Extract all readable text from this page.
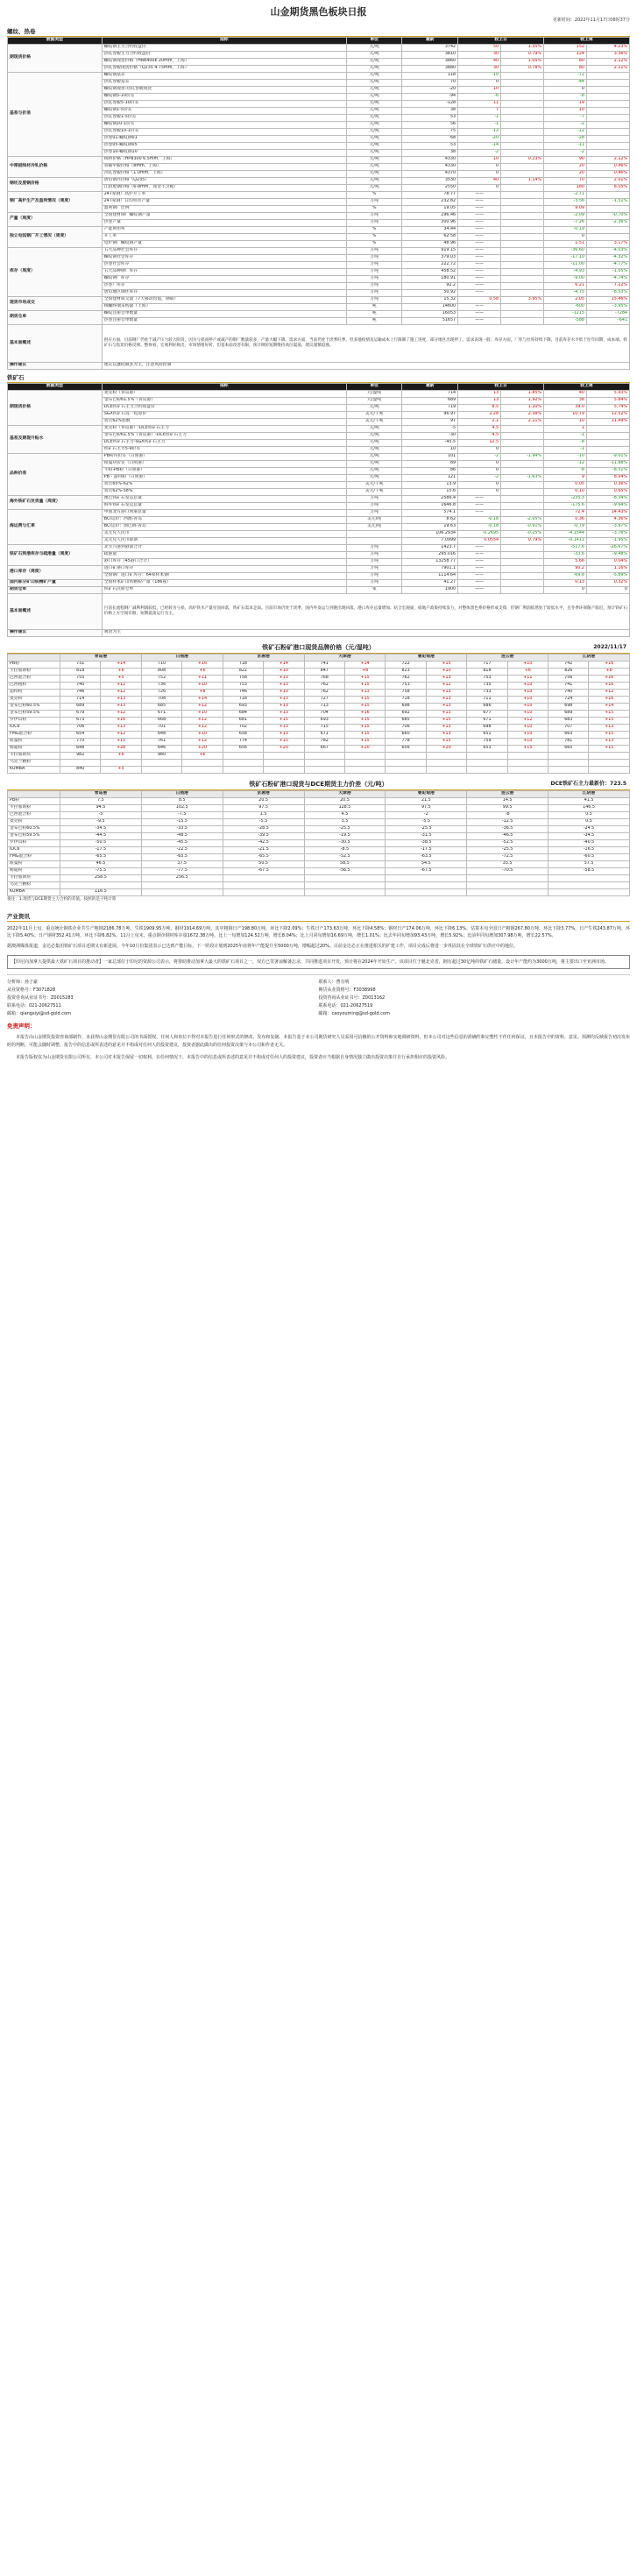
山金期货黑色板块日报
更新时间：2022年11月17日08时37分
螺纹、热卷
数据类型	指标	单位	最新	较上日		较上周	
期现货价格	螺纹钢主力合约收盘价	元/吨	3742	50	1.35%	152	4.23%
	热轧卷板主力合约收盘价	元/吨	3810	30	0.79%	124	3.36%
	螺纹钢现货价格（HRB400E 20mm，上海）	元/吨	3860	40	1.05%	80	2.12%
	热轧卷板现货价格（Q235 4.75mm，上海）	元/吨	3880	30	0.78%	80	2.11%
基差与价差	螺纹钢基差	元/吨	118	-10		-72	
	热轧卷板基差	元/吨	70	0		-44	
	螺纹钢现货-热轧卷板现货	元/吨	-20	10		0	
	螺纹钢5-10价差	元/吨	-94	-6		-8	
	热轧卷板5-10价差	元/吨	-128	11		19	
	螺纹钢1-5价差	元/吨	38	7		10	
	热轧卷板1-5价差	元/吨	53	-1		-7	
	螺纹钢10-1价差	元/吨	56	-1		-2	
	热轧卷板10-1价差	元/吨	75	-12		-12	
	热卷01-螺纹钢01	元/吨	68	-20		-28	
	热卷05-螺纹钢05	元/吨	53	-14		-11	
	热卷10-螺纹钢10	元/吨	38	-2		-2	
中厚板线材冷轧价格	线材价格（HPB300 6.5mm，上海）	元/吨	4330	10	0.23%	90	2.12%
	普碳中板价格（8mm，上海）	元/吨	4330	0		20	0.46%
	冷轧卷板价格（1.0mm，上海）	元/吨	4370	0		20	0.46%
钢坯及废钢价格	唐山钢坯价格（Q235）	元/吨	3530	40	1.14%	70	2.01%
	江阴废钢价格（6-8mm，现金不含税）	元/吨	2550	0		180	8.05%
钢厂高炉生产及盈利情况（周度）	247家钢厂高炉开工率	%	78.77	——		-2.71	
	247家钢厂日均铁水产量	万吨	232.82	——		-3.56	-1.51%
	盈利钢厂比例	%	19.05	——		9.09	
产量（周度）	全国建材钢厂螺纹钢产量	万吨	296.46	——		-2.09	-0.70%
	热卷产量	万吨	300.96	——		-7.26	-2.36%
独立电弧钢厂开工情况（周度）	产能利用率	%	34.44	——		-0.19	
	开工率	%	62.58	——		0	
	电炉钢厂螺纹钢产量	%	48.96	——		1.51	3.17%
库存（周度）	五大品种社会库存	万吨	919.15	——		-36.60	-4.03%
	螺纹钢社会库存	万吨	379.03	——		-17.10	-4.32%
	热卷社会库存	万吨	222.72	——		-11.00	-4.77%
	五大品种钢厂库存	万吨	458.52	——		-4.93	-1.05%
	螺纹钢厂库存	万吨	180.91	——		-9.00	-4.74%
	热卷厂库存	万吨	92.2	——		6.21	7.22%
	唐山地区钢坯库存	万吨	50.92	——		-4.75	-8.53%
现货市场成交	全国建材成交量（7天移动均值，钢联）	万吨	15.32	0.58	3.95%	2.05	15.46%
	线螺终端采购量（上海）	吨	14600	——		-600	-3.95%
期货仓单	螺纹注册仓单数量	吨	16053	——		-1215	-7284
	热卷注册仓单数量	吨	51657	——		-588	-641
基本面概述	供应方面，目前钢厂仍处于减产压力较大阶段，因为亏损而停产或减产的钢厂数量较多，产量大幅下降。需求方面，当前仍处于淡季旺季，但多地疫情及运输成本上行限制了施工进度，部分地区出现停工，需求表现一般；库存方面，厂库与社库持续下降，目前库存水平低于往年同期，成本端，铁矿石与焦炭价格反弹。整体看，宏观利好频出，市场情绪好转，但基本面改善有限，预计钢价短期维持高位震荡，建议谨慎追涨。						
操作建议	建议以逢低做多为主，注意风险控制						
铁矿石
数据类型	指标	单位	最新	较上日		较上周	
期现货价格	麦克粉（青岛港）	元/湿吨	714	13	1.85%	40	5.93%
	金布巴粉61.5%（青岛港）	元/湿吨	689	13	1.92%	38	5.84%
	DCE铁矿石主力合约收盘价	元/吨	719	8.5	1.20%	39.0	5.74%
	SGX铁矿石连一结算价	美元/干吨	96.97	2.28	2.38%	10.79	12.52%
	普氏62%指数	美元/干吨	97	2.1	2.21%	10	11.49%
基差及期现升贴水	麦克粉（青岛港）-DCE铁矿石主力	元/吨	-5	4.5		1	
	金布巴粉61.5%（青岛港）-DCE铁矿石主力	元/吨	-30	4.5		-1	
	DCE铁矿石主力-SGX铁矿石主力	元/吨	-45.5	12.5		-8	
	铁矿石主力5-9价差	元/吨	10	0		-1	
品种价差	PB粉块价差（日照港）	元/吨	101	-2	-1.94%	-10	-9.01%
	纽曼块价差（日照港）	元/吨	89	0		-12	-11.88%
	卡粉-PB粉（日照港）	元/吨	86	0		-8	-8.51%
	PB - 超特粉（日照港）	元/吨	121	-2	-1.63%	9	8.04%
	普氏65%-62%	美元/干吨	13.9	0		0.05	0.36%
	普氏62%-58%	美元/干吨	15.6	0		0.10	0.65%
海外铁矿石发货量（周度）	澳巴铁矿石发运总量	万吨	2586.4	——		-235.3	-8.34%
	海外铁矿石发运总量	万吨	1646.8	——		-175.6	-9.64%
海运费与汇率	中国北方港口到港总量	万吨	574.1	——		72.4	14.43%
	BCI运价：西澳-青岛	美元/吨	8.62	-0.18	-2.05%	0.36	4.36%
	BCI运价：图巴朗-青岛	美元/吨	19.63	-0.18	-0.91%	-0.79	-3.87%
	美元兑人民币		106.2934	-0.2695	-0.25%	-4.1544	-3.76%
	美元兑人民币即期		7.0999	0.0554	0.79%	-0.1411	-1.95%
铁矿石到港库存与疏港量（周度）	北方六港到港量合计	万吨	1423.7	——		-517.6	-26.67%
	疏港量	万吨	295.016	——		-33.6	-9.48%
	港口库存（45港口合计）	万吨	13258.77	——		5.66	0.04%
港口库存（周度）	进口矿港口库存	万吨	7901.1	——		90.2	1.16%
	全国钢厂进口矿库存：64家样本钢厂	万吨	1114.64	——		-69.8	-5.89%
国内部分矿山铁精矿产量	全国样本矿山铁精粉产量（186座）	万吨	41.27	——		0.13	0.32%
期货仓单	铁矿石注册仓单	张	1900	——		0	0
基本面概述	目前长流程钢厂减利利润较低，已经转为亏损，高炉铁水产量见顶回落，铁矿石需求走弱。目前市场仍处于淡季，国内外发运与到港出现回落，港口库存总量增加。结合宏观面，稳地产政策持续发力，对整体黑色系价格形成支撑，但钢厂利润依然处于较低水平，且冬季环保限产临近，预计铁矿石价格上方空间有限，短期震荡运行为主。						
操作建议	观望为主						
铁矿石粉矿港口现货品牌价格（元/湿吨）	2022/11/17
	青岛港		日照港		京唐港		天津港		曹妃甸港		连云港		江阴港	
PB粉	731	+14	710	+16	718	+14	741	+14	722	+15	717	+10	742	+16
卡拉加斯粉	818	+6	808	+6	822	+10	847	+8	823	+10	818	+6	826	+8
巴西混合粉	755	+5	752	+11	758	+13	768	+15	762	+13	753	+11	756	+16
巴西粗粉	740	+12	736	+10	753	+13	762	+15	753	+12	735	+10	741	+16
超特粉	746	+12	726	+8	746	+10	762	+13	758	+13	733	+10	740	+12
麦克粉	714	+13	708	+14	718	+13	727	+15	718	+13	711	+10	724	+16
金布巴粉60.5%	689	+13	685	+12	693	+13	713	+15	698	+13	686	+10	698	+14
金布巴粉59.5%	679	+12	671	+10	684	+13	704	+16	692	+13	677	+10	689	+15
罗伊山粉	673	+16	668	+12	681	+15	693	+15	685	+15	671	+12	683	+15
IOC6	706	+13	701	+12	702	+13	715	+15	706	+13	698	+10	707	+13
FMG混合粉	654	+12	648	+10	658	+13	671	+15	660	+13	651	+10	663	+15
纽曼粉	770	+15	761	+12	774	+15	782	+15	778	+15	759	+10	781	+13
杨迪粉	648	+28	646	+20	656	+20	667	+20	656	+20	653	+15	665	+15
卡拉加斯块	982	+6	980	+6										
乌克兰精粉														
KUMBA	840	+5												
铁矿石粉矿港口现货与DCE期货主力价差（元/吨）	DCE铁矿石主力最新价：723.5
	青岛港	日照港	京唐港	天津港	曹妃甸港	连云港	江阴港
PB粉	7.5	8.5	20.5	20.5	21.5	14.5	41.5
卡拉加斯粉	94.5	102.5	97.5	128.5	97.5	99.5	146.5
巴西混合粉	-5	-7.5	1.5	4.5	-2	-8	0.5
麦克粉	-9.5	-15.5	-5.5	3.5	-5.5	-12.5	0.5
金布巴粉60.5%	-34.5	-33.5	-28.5	-25.5	-25.5	-36.5	-24.5
金布巴粉59.5%	-44.5	-48.5	-39.5	-19.5	-31.5	-46.5	-34.5
罗伊山粉	-50.5	-45.5	-42.5	-30.5	-38.5	-52.5	-40.5
IOC6	-17.5	-22.5	-21.5	-8.5	-17.5	-25.5	-16.5
FMG混合粉	-65.5	-65.5	-65.5	-52.5	-63.5	-72.5	-60.5
纽曼粉	46.5	37.5	50.5	58.5	54.5	35.5	57.5
杨迪粉	-75.5	-77.5	-67.5	-56.5	-67.5	-70.5	-58.5
卡拉加斯块	258.5	256.5					
乌克兰精粉							
KUMBA	116.5						
备注：1.现货与DCE期货主力合约的差值，按照的是干吨计算
产业资讯

2022年11月上旬，重点统计钢铁企业共生产粗钢2186.78万吨，生铁1909.95万吨，钢材1914.69万吨。其中粗钢日产198.80万吨，环比下降2.09%；生铁日产173.63万吨，环比下降4.58%；钢材日产174.06万吨，环比下降6.13%。估算本旬全国日产粗钢267.80万吨、环比下降3.77%，日产生铁243.87万吨、环比下降5.40%；日产钢材352.41万吨、环比下降6.82%。11月上旬末，重点钢企钢材库存量1672.38万吨，比上一旬增加124.52万吨，增长8.04%；比上月同旬增加16.69万吨，增长1.01%；比去年同旬增加93.43万吨，增长5.92%；比前年同旬增加307.98万吨，增长22.57%。

据澳洲媒体报道，金达必集团铁矿石项目近期又有新进展。今年10月份集团表示已达到产能目标，下一阶段计划到2025年底将年产能提升至5000万吨，增幅超过20%。目前金达必正在推进相关的扩建工作，项目完成后将进一步巩固其在全球铁矿石供应中的地位。

【印尼向加拿大提供最大铁矿石项目的推动者】一家总部位于印尼的资源公司表示，将帮助推动加拿大最大的铁矿石项目之一，双方已签署谅解备忘录，共同推进项目开发，预计将在2024年开始生产。该项目位于魁北克省，拥有超过30亿吨的铁矿石储量，设计年产能约为3000万吨，将主要出口至亚洲市场。
分析师：孙子豪
从业资格号：F3071828
投资咨询从业证书号：Z0015283
联系电话：021-20627511
邮箱：qiangsiyi@sd-gold.com
联系人：曹有明
期货从业资格号：F3038998
投资咨询从业证书号：Z0013162
联系电话：021-20627519
邮箱：caoyouming@sd-gold.com
免责声明：

本报告由山金期货投资咨询部制作，未获得山金期货有限公司的书面授权，任何人和单位不得对本报告进行任何形式的修改、发布和复制。本报告基于本公司期货研究人员采用可信赖的公开资料和实地调研资料，但本公司对这些信息的准确性和完整性不作任何保证，且本报告中的资料、意见、预测均反映报告初次发布时的判断，可能会随时调整。报告中的信息或所表述的意见并不构成对任何人的投资建议，投资者据此做出的任何投资决策与本公司和作者无关。

本报告版权仅为山金期货有限公司所有，本公司对本报告保留一切权利。在任何情况下，本报告中的信息或所表述的意见并不构成对任何人的投资建议，投资者应当根据自身情况独立做出投资决策并自行承担相应的投资风险。
